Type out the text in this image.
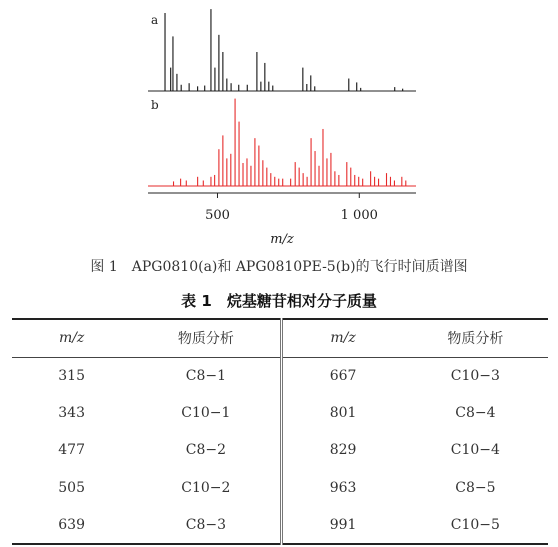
a
b
m/z
500	1 000
图 1　APG0810(a)和 APG0810PE-5(b)的飞行时间质谱图
表 1　烷基糖苷相对分子质量
m/z	物质分析	m/z	物质分析
315	C8−1	667	C10−3
343	C10−1	801	C8−4
477	C8−2	829	C10−4
505	C10−2	963	C8−5
639	C8−3	991	C10−5
